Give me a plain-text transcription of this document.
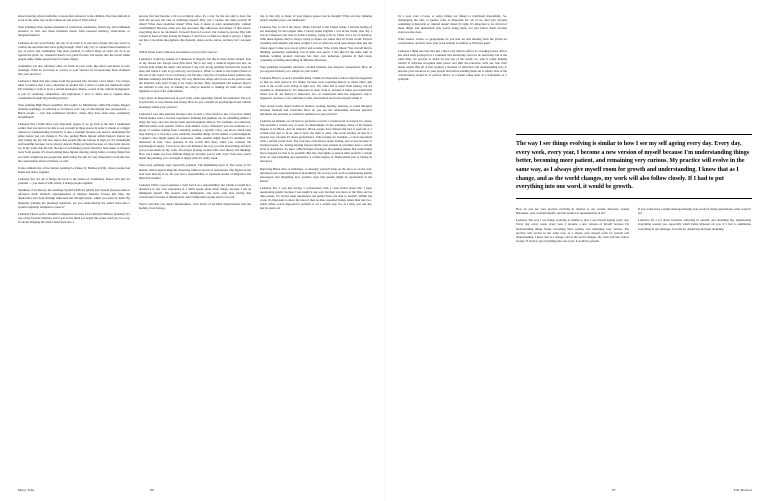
shows marring school uniforms; to stress that tomorrow is the children. The blue uniform is worn in the same way as the Cameroon and parts of West Africa.

Your paintings often capture moments of connection, tenderness, shared joy, and communal presence as well. Are those moments drawn from personal memory, observation, or imagined futures?

Lashonte As the world burns, the job of an artist is to put more beauty into the world to combat the atrocities that we're going through. That's why I try to capture these moments of joy, of peace and community. The most political or radical thing an artist can do is go against the grain. So, whenever there's war, paint flowers. Put beauty into the world. Make people smile. Make people hope for better things.

Sometimes you also reference other art forms in your work, like dance and music in your paintings. What do you hope to convey to your viewers by incorporating these elements into your practice?

Lashonte I think that just comes from my personal life, because I love music. I've always liked to believe that I was a musician in another life. I strive to paint the musicians when I'm working or want to be in a certain headspace. Dance, rooted in my cultural background, is part of ceremony, celebration, and expression. I love to dance and to capture these ceremonies through my painting practice.

Your painting High Noon resembles Van Gogh's La Méridienne, while Phi evokes Degas's ballerina paintings. Is referring to art history your way of introducing new protagonists — Black people — into this traditional narrative, where they have often been completely invisibilised?

Lashonte Yes, I think that's very important. Again, if we go back to the idea I mentioned earlier, that you have to be able to see yourself in these spaces in order to dream of a bigger tomorrow. Understanding art history is also a strength because you need to understand the game before you can change it. For me, putting Black figures within Degas's dances not only brings me joy, but also shows that people like me belong in high art. It's meaningful and beautiful because we've always danced. Being excluded because of class feels absurd. So, in my work, this fits into the idea of reclaiming powers that have been taken or stripped away from people. It's about putting these figures dancing, doing ballet, or doing things that you don't commonly see people like them doing. For me, it's very important to fold this into the conversation about art history as well.

It also reminds me of the famous painting La Danse by Matisse (1910), where people feel hands and dance together.

Lashonte Yes, for me it brings me back to the notion of community. Dance isn't just for yourself — you share it with others, it brings people together.

Speaking of art history, the paintings System (Yellow) (2022) and System (Green) seem to reference Andy Warhol's representations of Marilyn Monroe. Except this time, the duplication isn't done through silkscreen but through pixels, which you paint by hand. By manually painting the pixelated repetition, are you reintroducing the artist's hand into a system originally designed to erase it?

Lashonte That is such a beautiful comparison because I love Marilyn Monroe (Golden). It's one of my favorite Warhols, and it was in my mind as I began this series. And yes, in a way, it's about bringing the artist's hand back into a

process that had become a bit too technical. Also, it's a way for me not only to have fun with the process but also to challenge myself. How can I capture the same portrait 30 times? What does repetition mean? What does it mean to paint automatically, without overthinking? Because when you use processes like silkscreen and things of that nature, everything has to be calculated. It doesn't have to be exact, but it must be precise. But with a brush in hand, it's like having six fingers. I don't have to think too much; I just go. I figure out how I can make the pigment, this material, dance on the canvas, and how far I can push it.

Which artists from Cameroon and America do you feel close to?

Lashonte I would go outside of Cameroon to Nigeria, but this is more music-related. One of my heroes has always been Fela Kuti. He is not only a musical legend but also an activist both within his music and beyond. I see very strong parallels between the work he does and where I want to go with my own practice. When it comes to the United States or the rest of the world, I love art history, but I'm also a big fan of London-based painters like Michael Armitage and Peter Doig. I'm very much into artists who focus on the practice and the material, who aren't trying to be overly precise. They experiment and explore; they're not married to one way of making art—they're married to making art itself and accept lightness as part of the achievement.

Color plays an important role in your work, often appearing vibrant and saturated. The red, in particular, is very intense and strong. How do you consider its psychological and cultural meanings within your practice?

Lashonte I love that question because color is such a close friend to me. I love how James Turrell makes color a visceral experience. Painting and pigment can do something similar. I enjoy the way color has always been used throughout history. For example, in Cameroon, different tribes wear specific fabrics with distinct colors. Whenever you see someone or a group of women coming from a meeting wearing a specific color, you know which tribe they belong to. I love how color naturally classifies things. In the animal or plant kingdom, a snake's color might signal it's poisonous, while another might mean it's harmless. I'm interested in how color operates in the world. But then, when you consider the psychological aspect, I love how color can influence the way you feel about things and how you process them. In my work, I'm always playing around with color theory and thinking: How can I make you face difficult things by drawing you in with color? And once you're inside the painting, you can begin to digest what it's really about.

Your early paintings were especially political. The Rethinking heart of The Gates of No Return, which depicts migrants drowning while in search of reparations. The figures in the boat look directly at us. Do you feel a responsibility to represent stories of migration and historical trauma?

Lashonte That's a good question. I don't feel it as a responsibility, but I think it would be a disservice to my own experience if I didn't speak about these things, because I am an immigrant myself. My parents were immigrants, and we're only here having this conversation because of immigration. And I think these stories need to be told.

You've said that you depict displacement, even forms of invisible displacement, like the feeling of not belong-

ing. Is that why so many of your figures appear lost in thought? What are they thinking about? Another place, old memories?

Lashonte Yes, to all of the above. When I moved to the United States, I had the feeling of not belonging for the longest time. I barely spoke English. I was in the South. One day, I was in Cameroon, the next in South Carolina, trying to fit in. There was a lot of isolation. With these figures, they're always trying to figure out where they fit in the world. They're wrestling with identity and inner weight. I love it when the work goes deeper than just the visual aspect; when you can sit with it and wonder: Who is this figure? You can tell they're thinking, pondering something, lost in their own space. I feel like it's the same with us humans walking around; everyone has their own universes, galaxies in their head, constantly wrestling and pulling in different directions.

Your paintings frequently reference colonial histories and diasporic experiences. How do you approach history as a subject in your work?

Lashonte History is such a beautiful thing. I think it's important to know what has happened so that we don't repeat it. It's 'funny' because we're repeating history so many times, just look at the world we're living in right now. We often fail to learn from history, but it's essential to understand it. It's important to draw from it, because it helps you understand where you fit. Art history is important, too—to understand what has happened, why it happened, and how I can contribute to that conversation and locate myself within it.

Your recent works depict bodies in motion—boxing, beating, dancing—a coded interplay between freedom and constraint. How do you see the relationship between physical discipline and personal or collective resilience in your practice?

Lashonte As humans, we all have to perform to receive a certain level of reward, in a sense. You perform a certain way at work, in relationships. In my paintings, many of the figures happen to be Black. And in America, Black people have historically had to perform at a certain level just to fit in, just to have the right to exist. The work touches on that in a layered way, because it's about performance. Take boxing, for example—a sport associated with a certain social class. Not everyone even knows about boxing, and access because to boxing lessons. So, having fencing lessons means your parents or providers have a certain level of abundance. To show a Black figure fencing in the painting means that some things had to happen for that to be possible. But also, that figure or person must perform a certain level of code-switching and experience a certain degree of displacement just to belong in that space.

Depicting Black men as ballerinas, or showing yourself lying on the floor or on the sofa, introduces new representations of masculinity. Do you see your work as questioning gender stereotypes and imagining new, positive ways that gender might be represented in the future?

Lashonte Yes. I was just having a conversation with a close friend about this. I keep questioning gender because I was taught it one way, but then you move to the West, and as time passes, it's always been questioned and pulled from one side to another. Within my work, it's important to show the idea of men as men wounded beings rather than just two-sided, where you're supposed to perform or act a certain way. So, as a man, you can also just lie down, sit

Muse Talk	86

by a pool, read a book, or enjoy things not linked to traditional masculinity. So, challenging the idea of gender roles is important for all of us. And just because something is historical or cultural doesn't mean it's right. It's important to be critical of these things and understand why you're doing them, not just follow them because everyone else does.

What stories, voices, or geographies do you feel are still missing from the global art conversation, and how does your work attempt to address or fill those gaps?

Lashonte I think one idea that just came to my mind is Africa as a leading power. Africa has often been portrayed as a continent that needs help. And we do need help, but at the same time, we provide so much for the rest of the world. So, who is really helping whom? If Africans recognize their power and shift the narrative, we'll see who truly needs whom. But all of that requires a moment of reflection and understanding how to allocate your resources so your people first before sending them out to others. One of the conversations would be to portray Africa as a leader rather than as a foundation or a sympath.

The way I see things evolving is similar to how I see my self ageing every day. Every day, every week, every year, I become a new version of myself because I'm understanding things better, becoming more patient, and remaining very curious. My practice will evolve in the same way, as I always give myself room for growth and understanding. I know that as I change, and as the world changes, my work will also follow closely. If I had to put everything into one word, it would be growth.

How do you see your practice evolving in relation to our current discourse around Blackness, post-colonial identity, and the politics of representation in art?

Lashonte The way I see things evolving is similar to how I see myself ageing every day. Every day, every week, every year, I become a new version of myself because I'm understanding things better, becoming more patient, and remaining very curious. My practice will evolve in the same way, as I always give myself room for growth and understanding. I know that as I change, and as the world changes, my work will also follow closely. If I had to put everything into one word, it would be growth.

If you could leave a single message through your work for future generations, what would it be?

Lashonte It's a lot about freedom, believing in oneself, and dreaming big. Questioning everything around you, especially what's being imposed on you. If I had to summarise everything in one message, it would be: dream big and keep dreaming.

87	Tim Benson
